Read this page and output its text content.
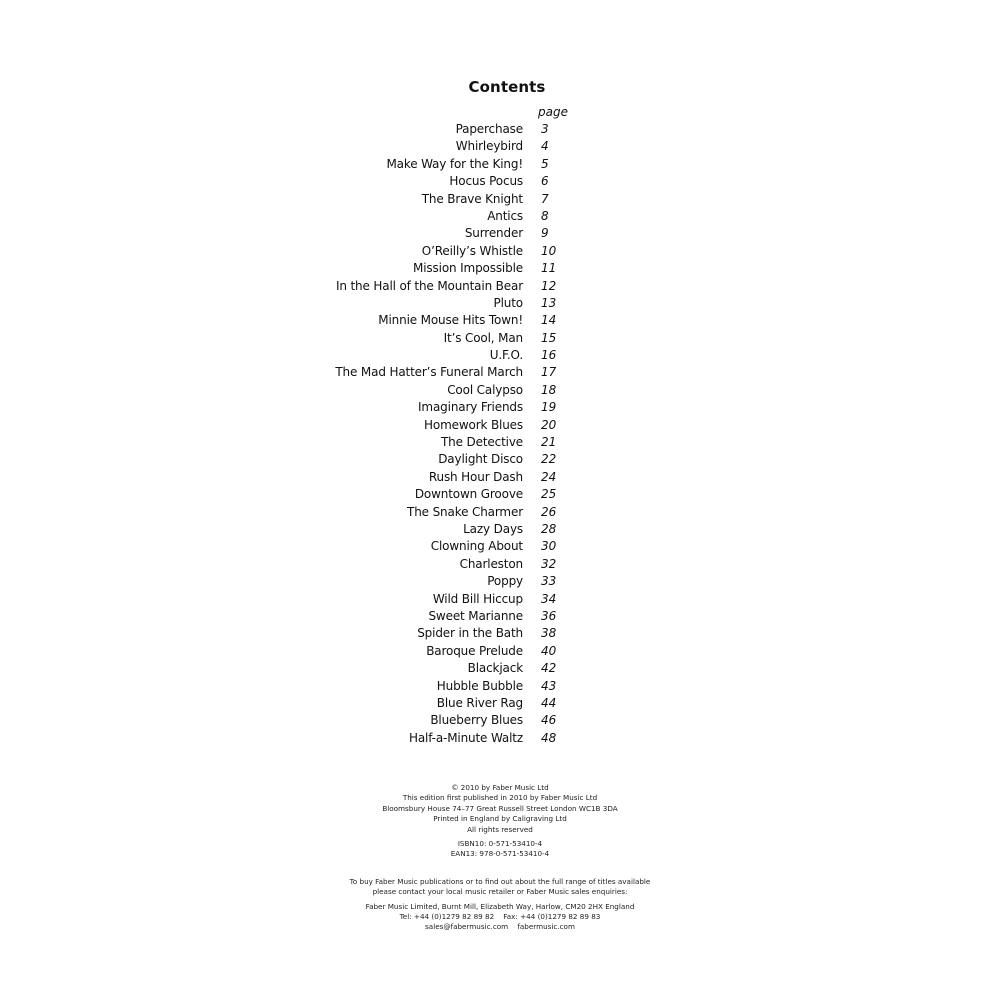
Contents
page
Paperchase 3
Whirleybird 4
Make Way for the King! 5
Hocus Pocus 6
The Brave Knight 7
Antics 8
Surrender 9
O’Reilly’s Whistle 10
Mission Impossible 11
In the Hall of the Mountain Bear 12
Pluto 13
Minnie Mouse Hits Town! 14
It’s Cool, Man 15
U.F.O. 16
The Mad Hatter’s Funeral March 17
Cool Calypso 18
Imaginary Friends 19
Homework Blues 20
The Detective 21
Daylight Disco 22
Rush Hour Dash 24
Downtown Groove 25
The Snake Charmer 26
Lazy Days 28
Clowning About 30
Charleston 32
Poppy 33
Wild Bill Hiccup 34
Sweet Marianne 36
Spider in the Bath 38
Baroque Prelude 40
Blackjack 42
Hubble Bubble 43
Blue River Rag 44
Blueberry Blues 46
Half-a-Minute Waltz 48
© 2010 by Faber Music Ltd
This edition first published in 2010 by Faber Music Ltd
Bloomsbury House 74–77 Great Russell Street London WC1B 3DA
Printed in England by Caligraving Ltd
All rights reserved
ISBN10: 0-571-53410-4
EAN13: 978-0-571-53410-4
To buy Faber Music publications or to find out about the full range of titles available
please contact your local music retailer or Faber Music sales enquiries:
Faber Music Limited, Burnt Mill, Elizabeth Way, Harlow, CM20 2HX England
Tel: +44 (0)1279 82 89 82    Fax: +44 (0)1279 82 89 83
sales@fabermusic.com    fabermusic.com
